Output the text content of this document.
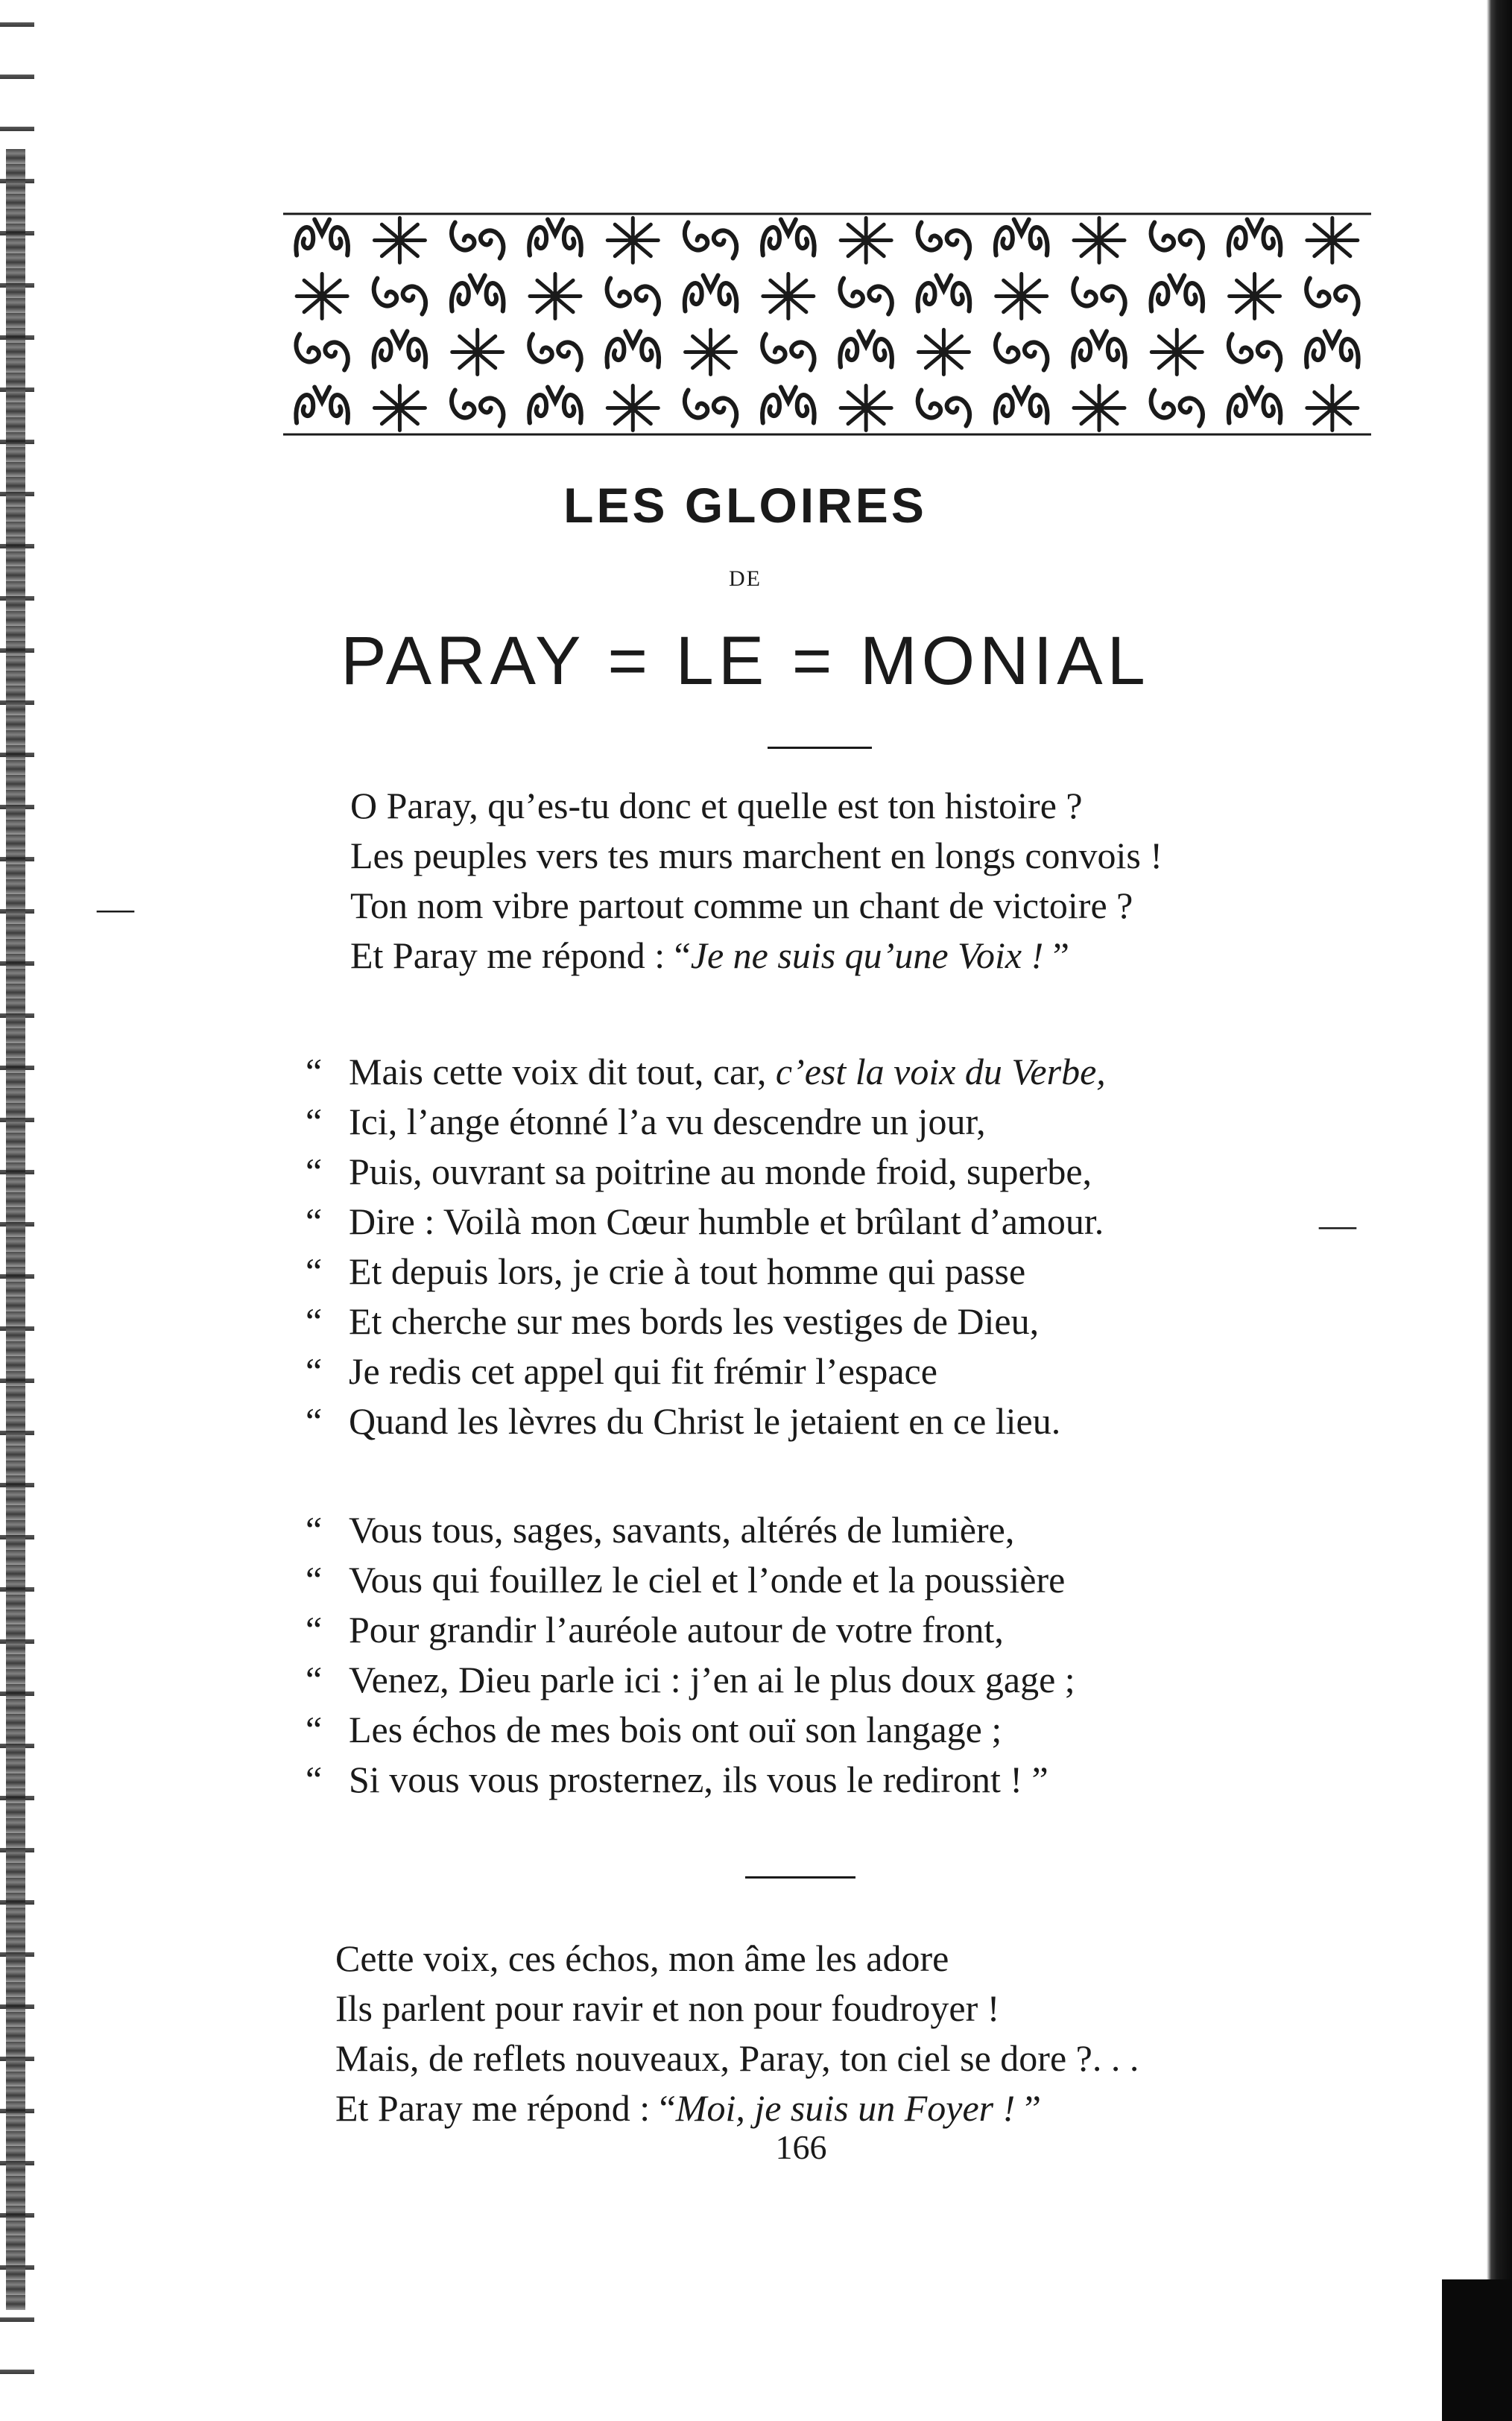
LES GLOIRES
DE
PARAY = LE = MONIAL
O Paray, qu’es-tu donc et quelle est ton histoire ?
Les peuples vers tes murs marchent en longs convois !
Ton nom vibre partout comme un chant de victoire ?
Et Paray me répond : “Je ne suis qu’une Voix ! ”
—
“ Mais cette voix dit tout, car, c’est la voix du Verbe,
“ Ici, l’ange étonné l’a vu descendre un jour,
“ Puis, ouvrant sa poitrine au monde froid, superbe,
“ Dire : Voilà mon Cœur humble et brûlant d’amour.
“ Et depuis lors, je crie à tout homme qui passe
“ Et cherche sur mes bords les vestiges de Dieu,
“ Je redis cet appel qui fit frémir l’espace
“ Quand les lèvres du Christ le jetaient en ce lieu.
—
“ Vous tous, sages, savants, altérés de lumière,
“ Vous qui fouillez le ciel et l’onde et la poussière
“ Pour grandir l’auréole autour de votre front,
“ Venez, Dieu parle ici : j’en ai le plus doux gage ;
“ Les échos de mes bois ont ouï son langage ;
“ Si vous vous prosternez, ils vous le rediront ! ”
Cette voix, ces échos, mon âme les adore
Ils parlent pour ravir et non pour foudroyer !
Mais, de reflets nouveaux, Paray, ton ciel se dore ?. . .
Et Paray me répond : “Moi, je suis un Foyer ! ”
166
